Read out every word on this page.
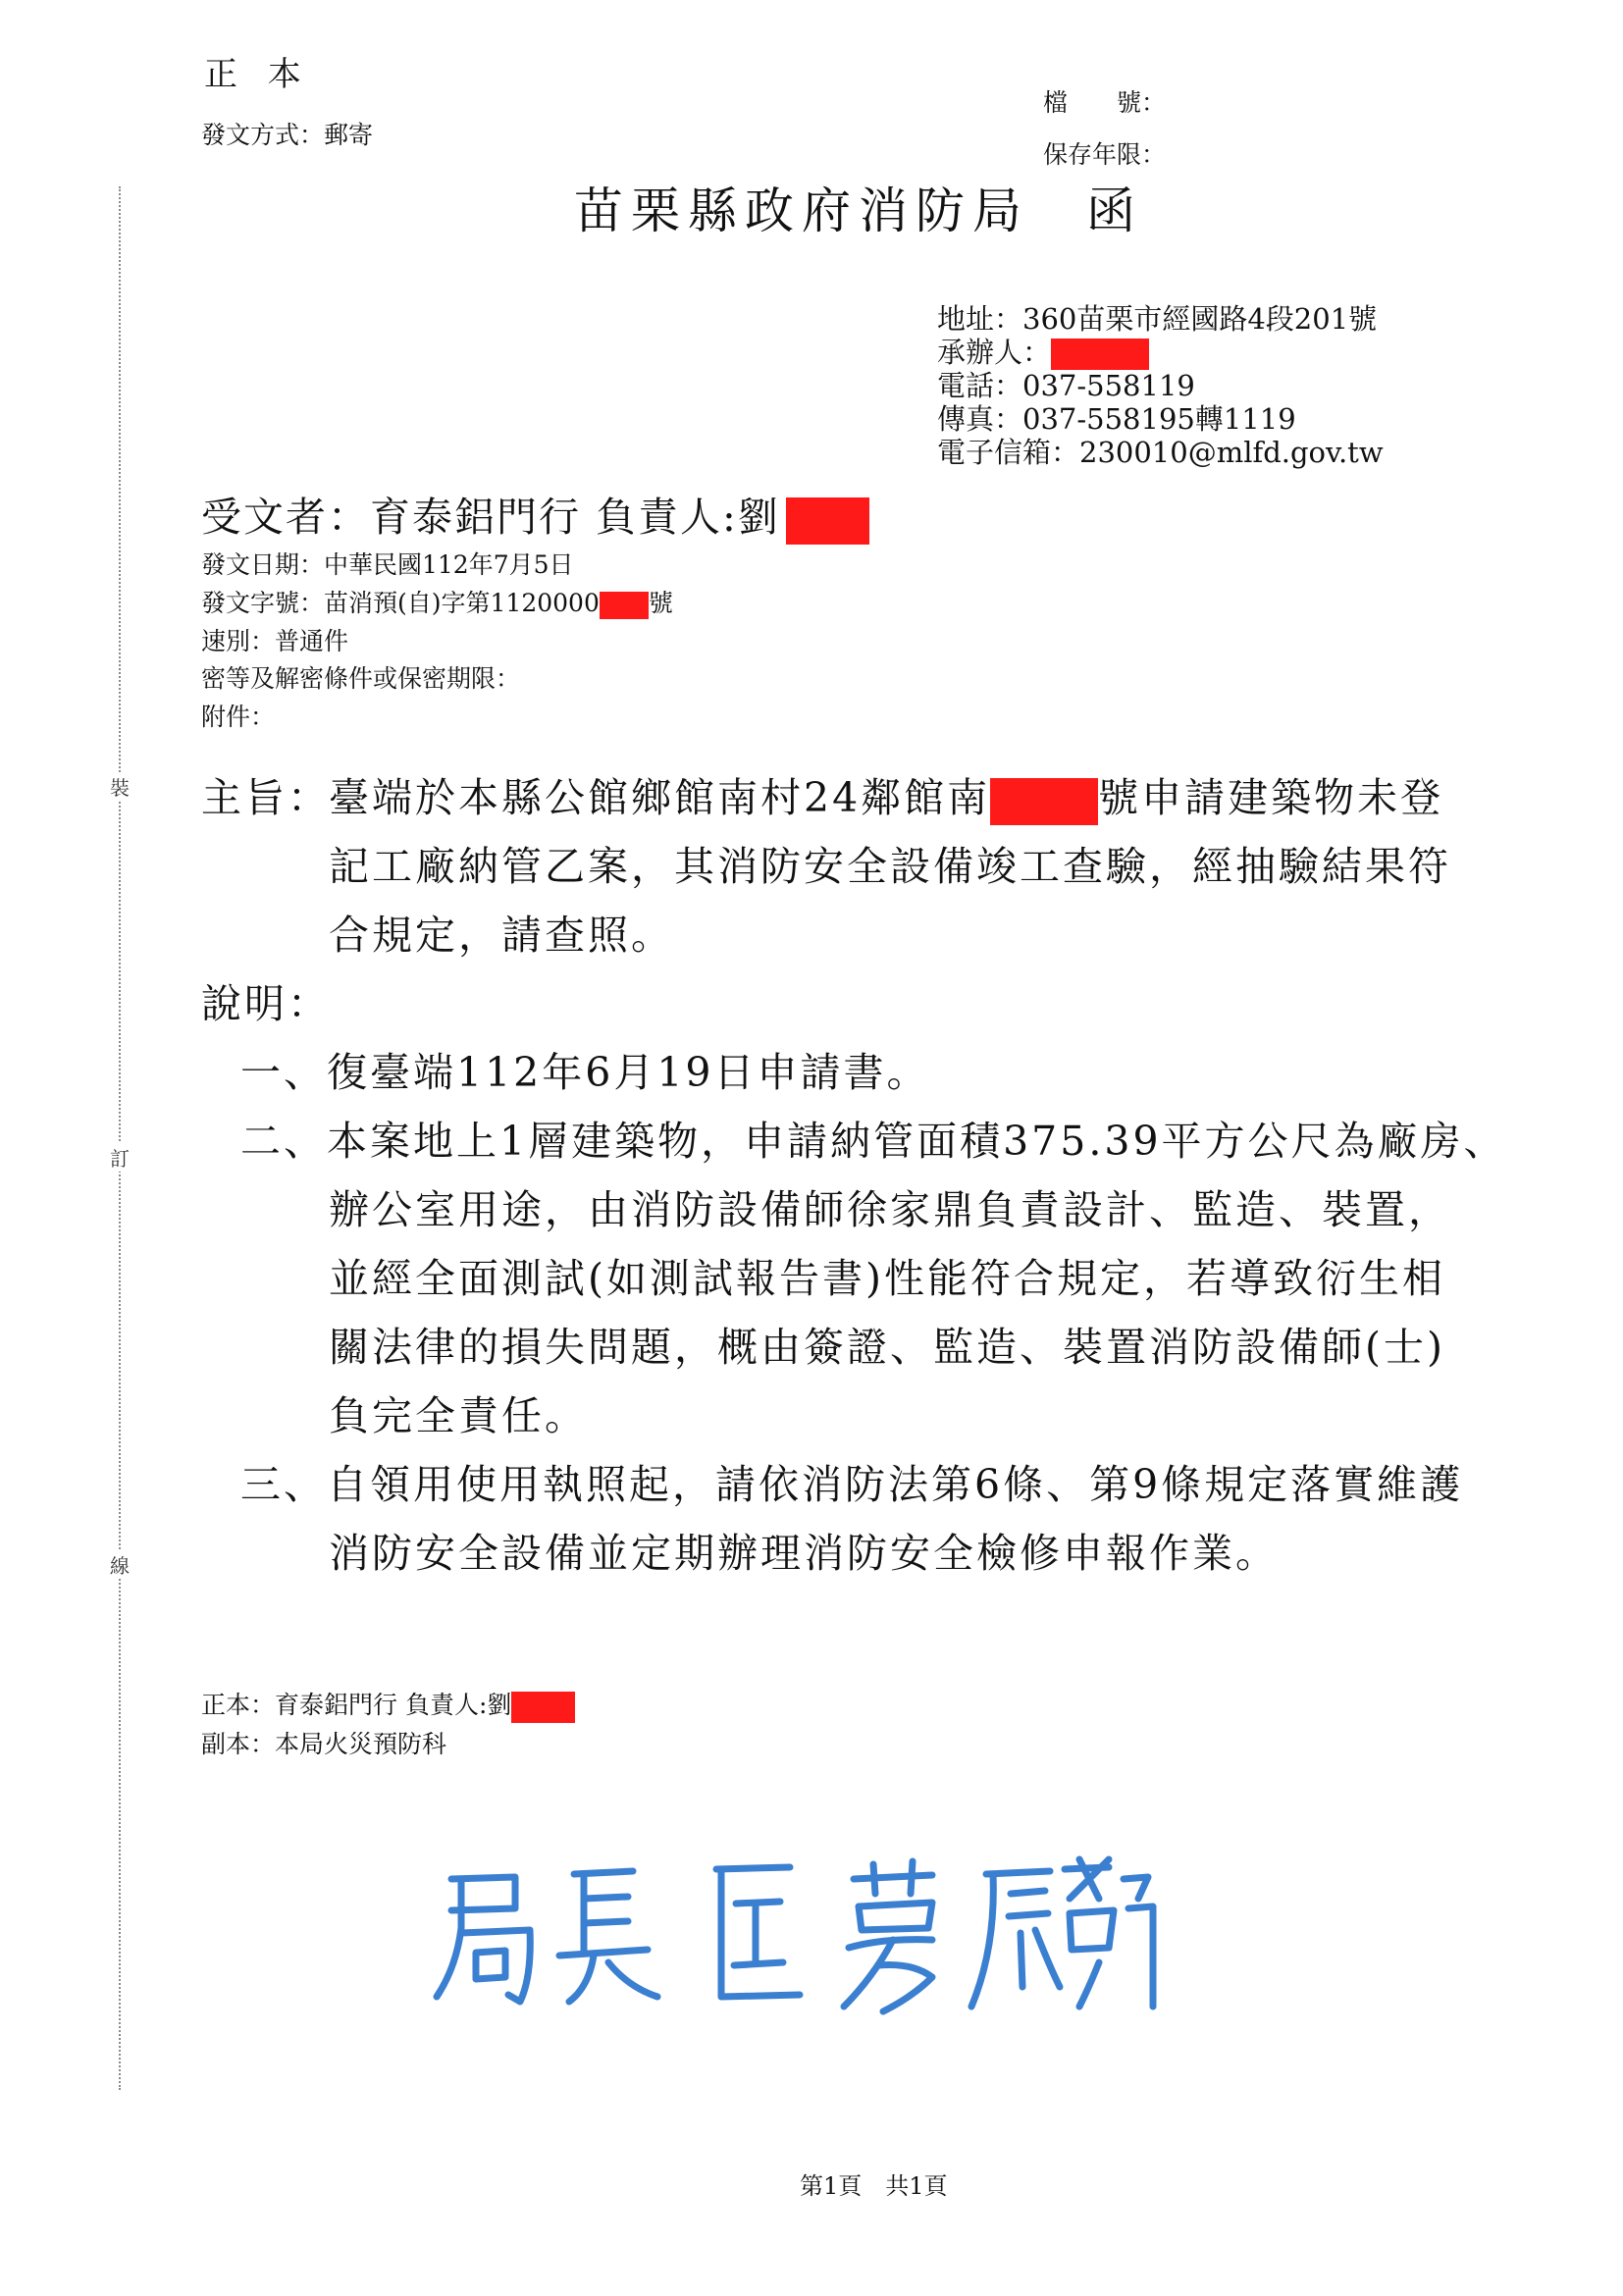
裝
訂
線
正 本
發文方式：郵寄
檔　　號：
保存年限：
苗栗縣政府消防局　函
地址：360苗栗市經國路4段201號
承辦人：
電話：037-558119
傳真：037-558195轉1119
電子信箱：230010@mlfd.gov.tw
受文者：育泰鋁門行 負責人:劉
發文日期：中華民國112年7月5日
發文字號：苗消預(自)字第1120000 號
速別：普通件
密等及解密條件或保密期限：
附件：
主旨：
臺端於本縣公館鄉館南村24鄰館南	號申請建築物未登
記工廠納管乙案，其消防安全設備竣工查驗，經抽驗結果符
合規定，請查照。
說明：
一、復臺端112年6月19日申請書。
二、本案地上1層建築物，申請納管面積375.39平方公尺為廠房、
辦公室用途，由消防設備師徐家鼎負責設計、監造、裝置，
並經全面測試(如測試報告書)性能符合規定，若導致衍生相
關法律的損失問題，概由簽證、監造、裝置消防設備師(士)
負完全責任。
三、自領用使用執照起，請依消防法第6條、第9條規定落實維護
消防安全設備並定期辦理消防安全檢修申報作業。
正本：育泰鋁門行 負責人:劉
副本：本局火災預防科
第1頁　共1頁
